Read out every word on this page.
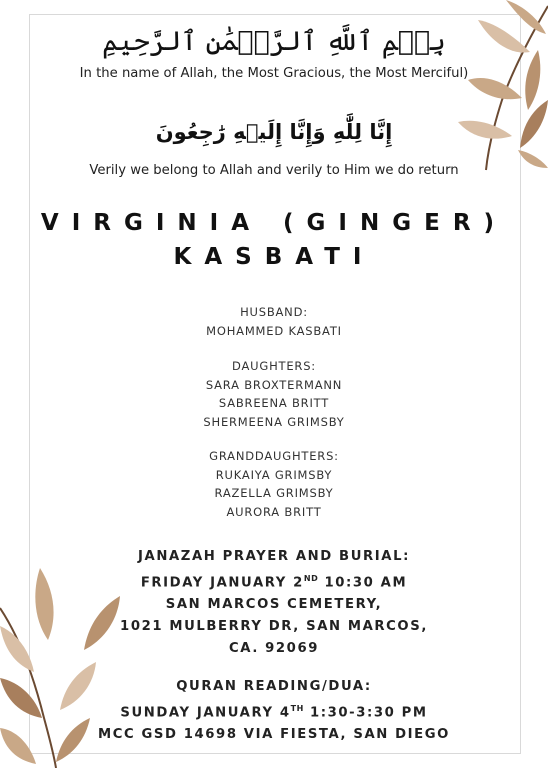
بِسۡمِ ٱللَّهِ ٱلرَّحۡمَٰنِ ٱلرَّحِيمِ
In the name of Allah, the Most Gracious, the Most Merciful)
إِنَّا لِلَّٰهِ وَإِنَّا إِلَيۡهِ رَٰجِعُونَ
Verily we belong to Allah and verily to Him we do return
VIRGINIA (GINGER)
KASBATI
HUSBAND:
MOHAMMED KASBATI
DAUGHTERS:
SARA BROXTERMANN
SABREENA BRITT
SHERMEENA GRIMSBY
GRANDDAUGHTERS:
RUKAIYA GRIMSBY
RAZELLA GRIMSBY
AURORA BRITT
JANAZAH PRAYER AND BURIAL:
FRIDAY JANUARY 2ND 10:30 AM
SAN MARCOS CEMETERY,
1021 MULBERRY DR, SAN MARCOS,
CA. 92069
QURAN READING/DUA:
SUNDAY JANUARY 4TH 1:30-3:30 PM
MCC GSD 14698 VIA FIESTA, SAN DIEGO
